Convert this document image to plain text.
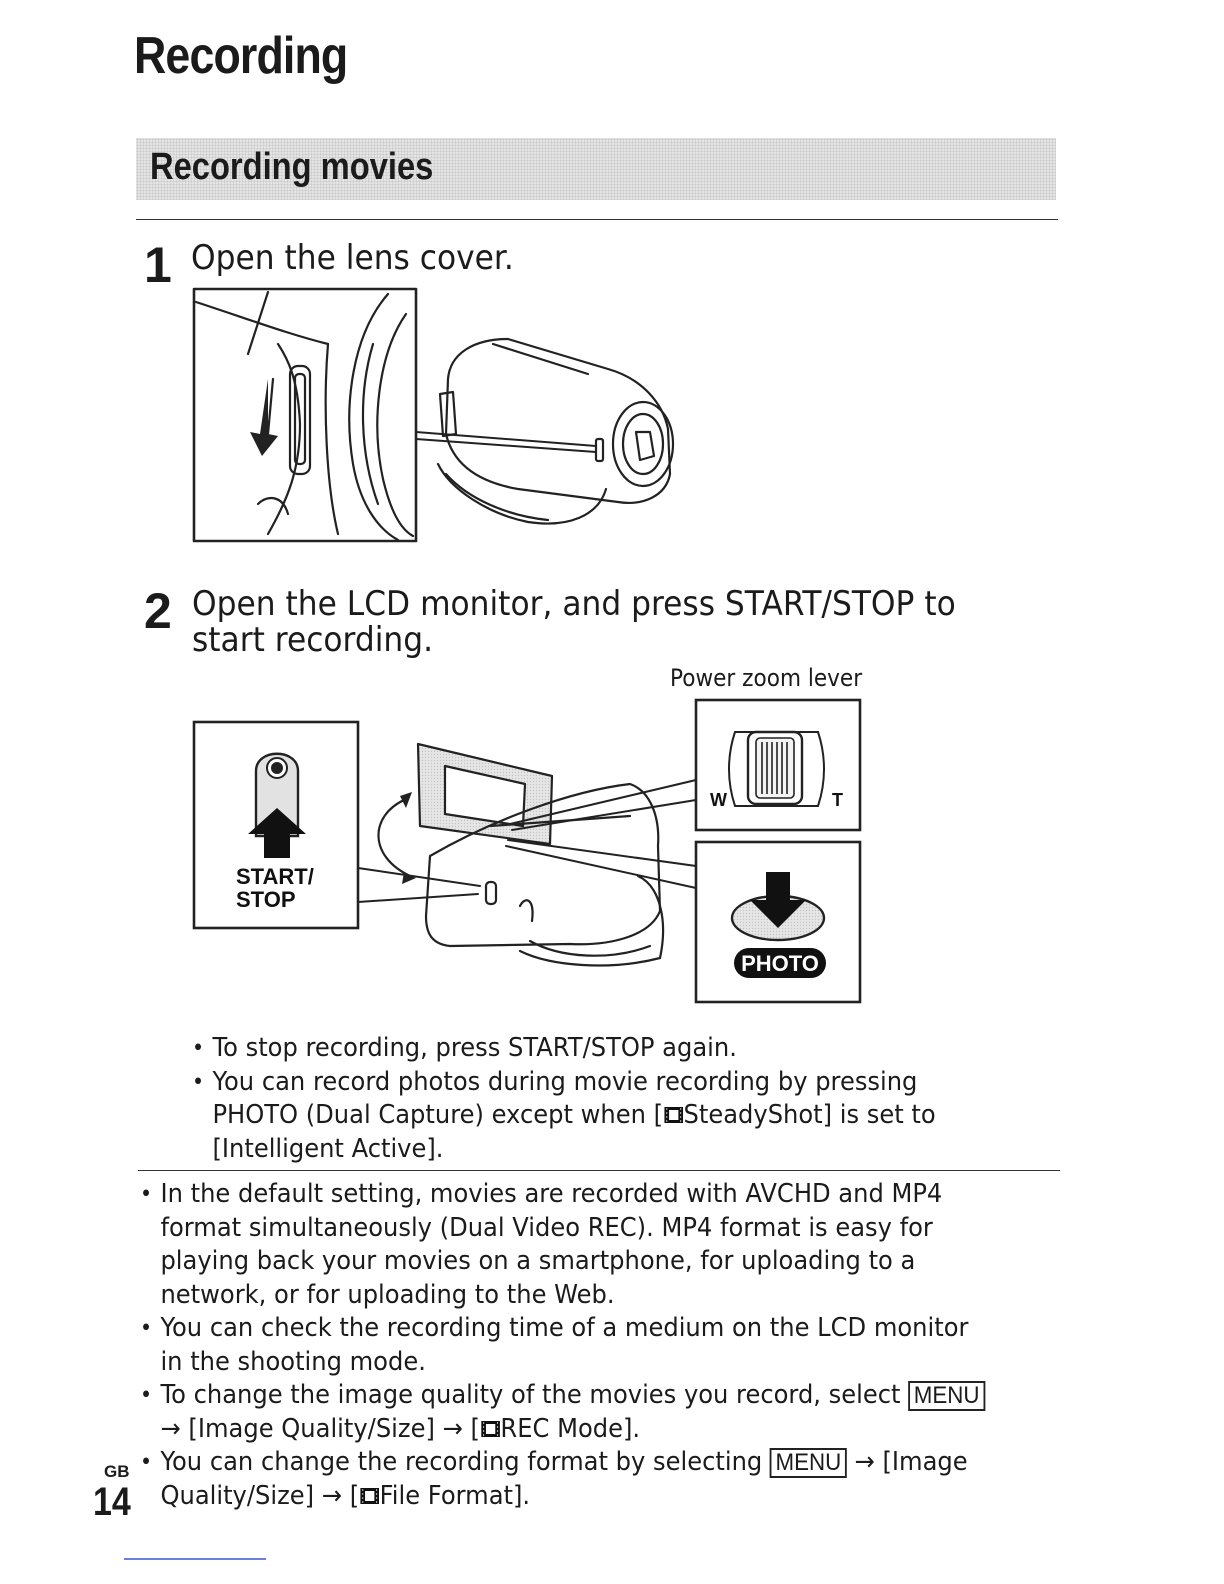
Recording
Recording movies
1 Open the lens cover.

2 Open the LCD monitor, and press START/STOP to start recording.

Power zoom lever
START/
STOP
W	T
PHOTO
• To stop recording, press START/STOP again.
• You can record photos during movie recording by pressing PHOTO (Dual Capture) except when [ SteadyShot] is set to [Intelligent Active].
• In the default setting, movies are recorded with AVCHD and MP4 format simultaneously (Dual Video REC). MP4 format is easy for playing back your movies on a smartphone, for uploading to a network, or for uploading to the Web.
• You can check the recording time of a medium on the LCD monitor in the shooting mode.
• To change the image quality of the movies you record, select MENU → [Image Quality/Size] → [ REC Mode].
• You can change the recording format by selecting MENU → [Image Quality/Size] → [ File Format].
GB
14
